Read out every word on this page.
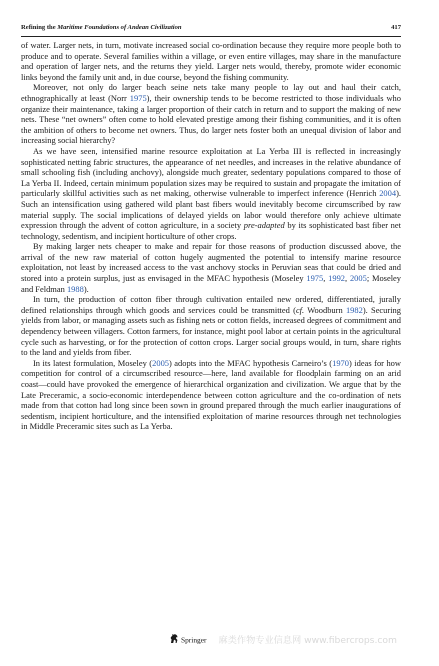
Refining the Maritime Foundations of Andean Civilization	417

of water. Larger nets, in turn, motivate increased social co-ordination because they require more people both to produce and to operate. Several families within a village, or even entire villages, may share in the manufacture and operation of larger nets, and the returns they yield. Larger nets would, thereby, promote wider economic links beyond the family unit and, in due course, beyond the fishing community.

Moreover, not only do larger beach seine nets take many people to lay out and haul their catch, ethnographically at least (Norr 1975), their ownership tends to be become restricted to those individuals who organize their maintenance, taking a larger proportion of their catch in return and to support the making of new nets. These “net owners” often come to hold elevated prestige among their fishing communities, and it is often the ambition of others to become net owners. Thus, do larger nets foster both an unequal division of labor and increasing social hierarchy?

As we have seen, intensified marine resource exploitation at La Yerba III is reflected in increasingly sophisticated netting fabric structures, the appearance of net needles, and increases in the relative abundance of small schooling fish (including anchovy), alongside much greater, sedentary populations compared to those of La Yerba II. Indeed, certain minimum population sizes may be required to sustain and propagate the imitation of particularly skillful activities such as net making, otherwise vulnerable to imperfect inference (Henrich 2004). Such an intensification using gathered wild plant bast fibers would inevitably become circumscribed by raw material supply. The social implications of delayed yields on labor would therefore only achieve ultimate expression through the advent of cotton agriculture, in a society pre-adapted by its sophisticated bast fiber net technology, sedentism, and incipient horticulture of other crops.

By making larger nets cheaper to make and repair for those reasons of production discussed above, the arrival of the new raw material of cotton hugely augmented the potential to intensify marine resource exploitation, not least by increased access to the vast anchovy stocks in Peruvian seas that could be dried and stored into a protein surplus, just as envisaged in the MFAC hypothesis (Moseley 1975, 1992, 2005; Moseley and Feldman 1988).

In turn, the production of cotton fiber through cultivation entailed new ordered, differentiated, jurally defined relationships through which goods and services could be transmitted (cf. Woodburn 1982). Securing yields from labor, or managing assets such as fishing nets or cotton fields, increased degrees of commitment and dependency between villagers. Cotton farmers, for instance, might pool labor at certain points in the agricultural cycle such as harvesting, or for the protection of cotton crops. Larger social groups would, in turn, share rights to the land and yields from fiber.

In its latest formulation, Moseley (2005) adopts into the MFAC hypothesis Carneiro’s (1970) ideas for how competition for control of a circumscribed resource—here, land available for floodplain farming on an arid coast—could have provoked the emergence of hierarchical organization and civilization. We argue that by the Late Preceramic, a socio-economic interdependence between cotton agriculture and the co-ordination of nets made from that cotton had long since been sown in ground prepared through the much earlier inaugurations of sedentism, incipient horticulture, and the intensified exploitation of marine resources through net technologies in Middle Preceramic sites such as La Yerba.

Springer 麻类作物专业信息网 www.fibercrops.com
